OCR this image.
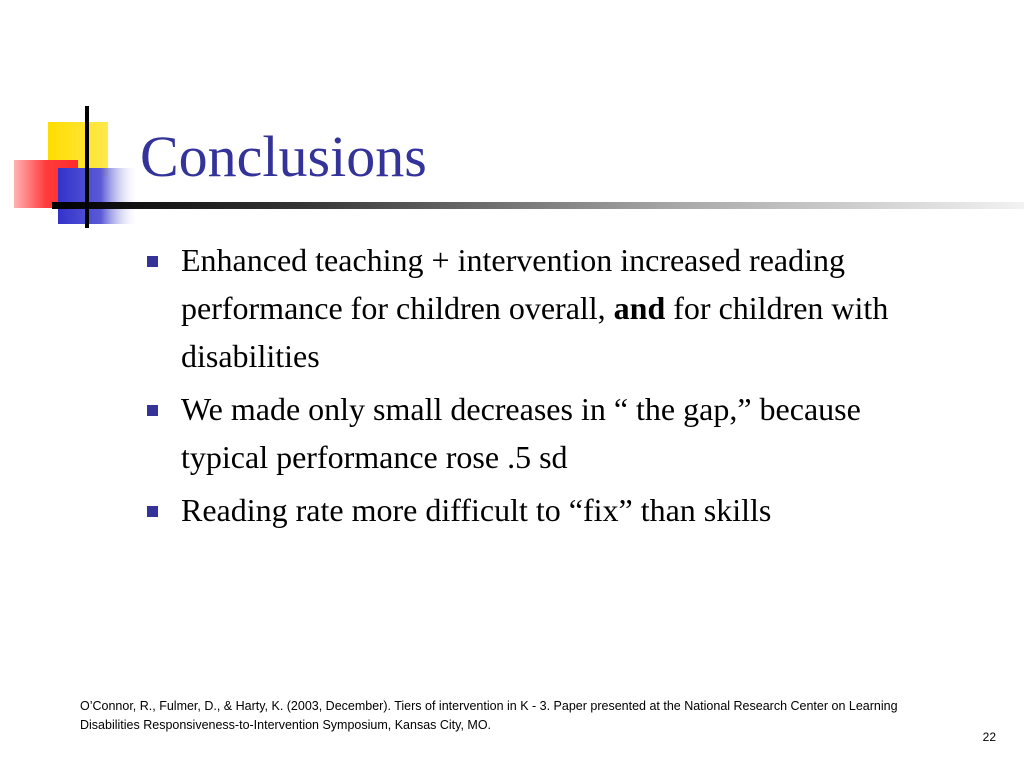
Conclusions
Enhanced teaching + intervention increased reading performance for children overall, and for children with disabilities
We made only small decreases in “ the gap,” because typical performance rose .5 sd
Reading rate more difficult to “fix” than skills

O’Connor, R., Fulmer, D., & Harty, K. (2003, December). Tiers of intervention in K - 3. Paper presented at the National Research Center on Learning Disabilities Responsiveness-to-Intervention Symposium, Kansas City, MO.

22
